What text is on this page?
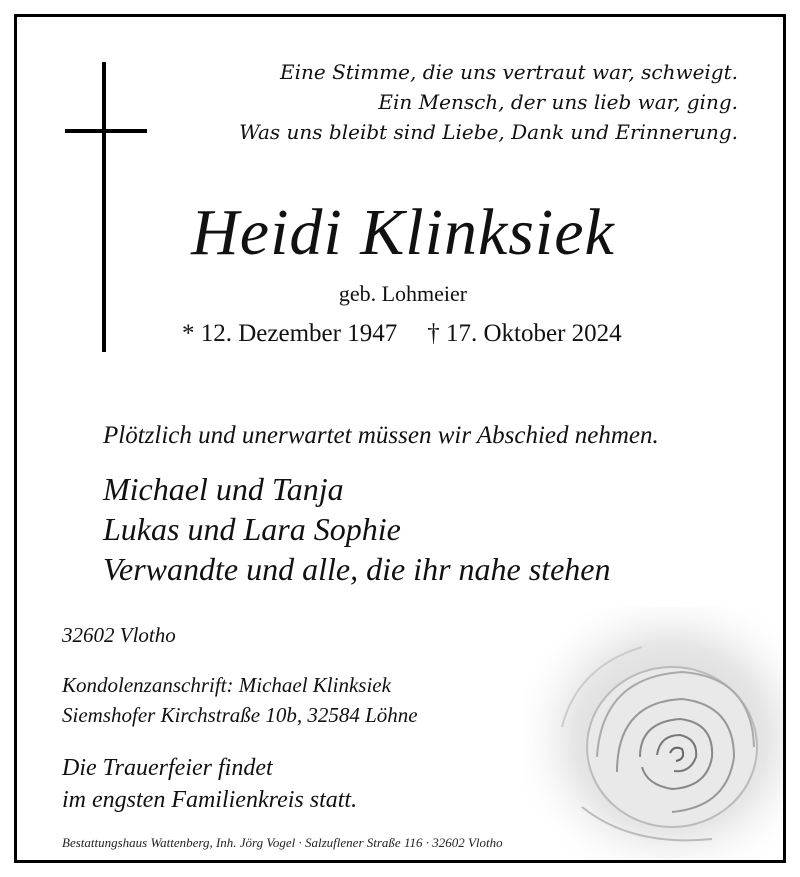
Eine Stimme, die uns vertraut war, schweigt.
Ein Mensch, der uns lieb war, ging.
Was uns bleibt sind Liebe, Dank und Erinnerung.
Heidi Klinksiek
geb. Lohmeier
* 12. Dezember 1947 † 17. Oktober 2024
Plötzlich und unerwartet müssen wir Abschied nehmen.
Michael und Tanja
Lukas und Lara Sophie
Verwandte und alle, die ihr nahe stehen
32602 Vlotho
Kondolenzanschrift: Michael Klinksiek
Siemshofer Kirchstraße 10b, 32584 Löhne
Die Trauerfeier findet
im engsten Familienkreis statt.
Bestattungshaus Wattenberg, Inh. Jörg Vogel · Salzuflener Straße 116 · 32602 Vlotho
